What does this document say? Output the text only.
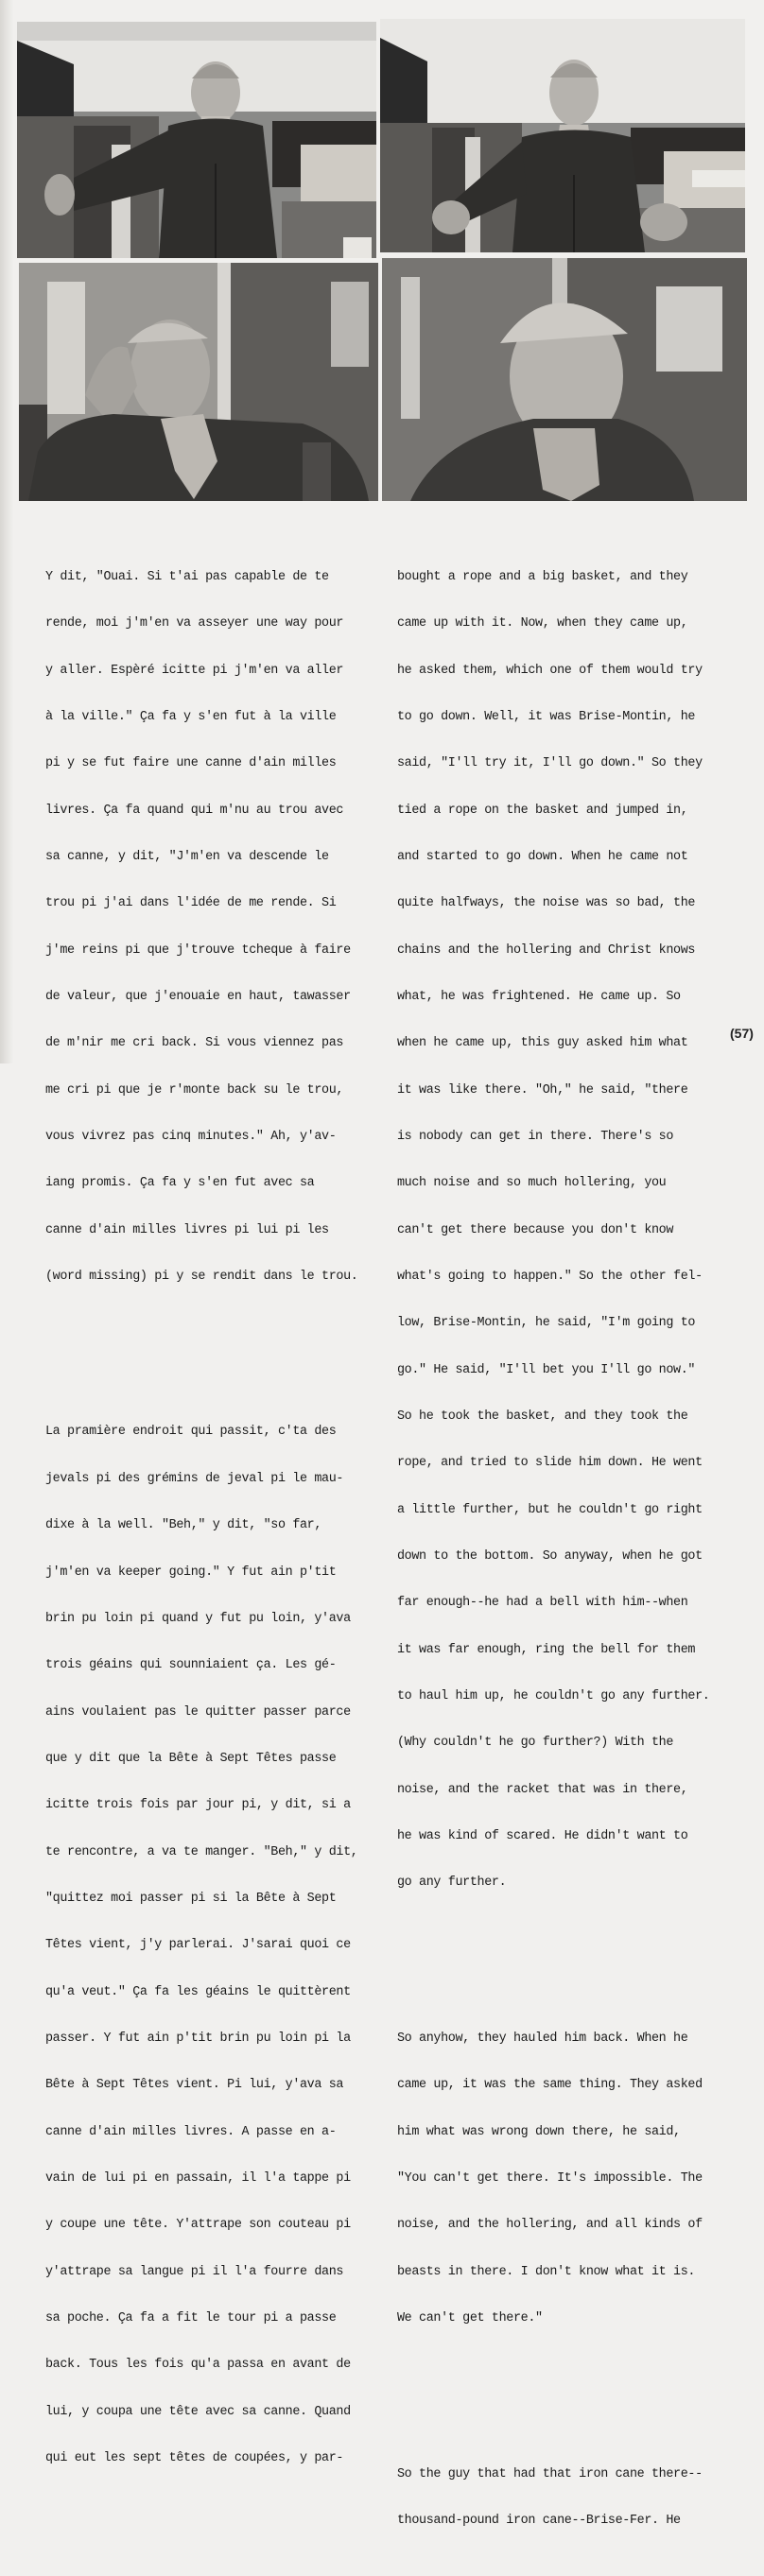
Y dit, "Ouai. Si t'ai pas capable de te

rende, moi j'm'en va asseyer une way pour

y aller. Espèré icitte pi j'm'en va aller

à la ville." Ça fa y s'en fut à la ville

pi y se fut faire une canne d'ain milles

livres. Ça fa quand qui m'nu au trou avec

sa canne, y dit, "J'm'en va descende le

trou pi j'ai dans l'idée de me rende. Si

j'me reins pi que j'trouve tcheque à faire

de valeur, que j'enouaie en haut, tawasser

de m'nir me cri back. Si vous viennez pas

me cri pi que je r'monte back su le trou,

vous vivrez pas cinq minutes." Ah, y'av-

iang promis. Ça fa y s'en fut avec sa

canne d'ain milles livres pi lui pi les

(word missing) pi y se rendit dans le trou.

La pramière endroit qui passit, c'ta des

jevals pi des grémins de jeval pi le mau-

dixe à la well. "Beh," y dit, "so far,

j'm'en va keeper going." Y fut ain p'tit

brin pu loin pi quand y fut pu loin, y'ava

trois géains qui sounniaient ça. Les gé-

ains voulaient pas le quitter passer parce

que y dit que la Bête à Sept Têtes passe

icitte trois fois par jour pi, y dit, si a

te rencontre, a va te manger. "Beh," y dit,

"quittez moi passer pi si la Bête à Sept

Têtes vient, j'y parlerai. J'sarai quoi ce

qu'a veut." Ça fa les géains le quittèrent

passer. Y fut ain p'tit brin pu loin pi la

Bête à Sept Têtes vient. Pi lui, y'ava sa

canne d'ain milles livres. A passe en a-

vain de lui pi en passain, il l'a tappe pi

y coupe une tête. Y'attrape son couteau pi

y'attrape sa langue pi il l'a fourre dans

sa poche. Ça fa a fit le tour pi a passe

back. Tous les fois qu'a passa en avant de

lui, y coupa une tête avec sa canne. Quand

qui eut les sept têtes de coupées, y par-

bought a rope and a big basket, and they

came up with it. Now, when they came up,

he asked them, which one of them would try

to go down. Well, it was Brise-Montin, he

said, "I'll try it, I'll go down." So they

tied a rope on the basket and jumped in,

and started to go down. When he came not

quite halfways, the noise was so bad, the

chains and the hollering and Christ knows

what, he was frightened. He came up. So

when he came up, this guy asked him what

it was like there. "Oh," he said, "there

is nobody can get in there. There's so

much noise and so much hollering, you

can't get there because you don't know

what's going to happen." So the other fel-

low, Brise-Montin, he said, "I'm going to

go." He said, "I'll bet you I'll go now."

So he took the basket, and they took the

rope, and tried to slide him down. He went

a little further, but he couldn't go right

down to the bottom. So anyway, when he got

far enough--he had a bell with him--when

it was far enough, ring the bell for them

to haul him up, he couldn't go any further.

(Why couldn't he go further?) With the

noise, and the racket that was in there,

he was kind of scared. He didn't want to

go any further.

So anyhow, they hauled him back. When he

came up, it was the same thing. They asked

him what was wrong down there, he said,

"You can't get there. It's impossible. The

noise, and the hollering, and all kinds of

beasts in there. I don't know what it is.

We can't get there."

So the guy that had that iron cane there--

thousand-pound iron cane--Brise-Fer. He

(57)
